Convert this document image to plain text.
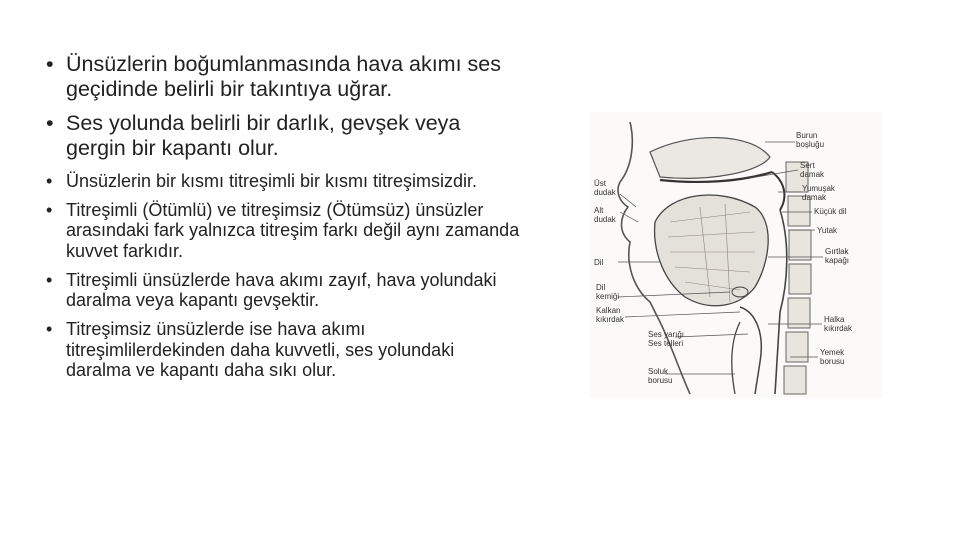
• Ünsüzlerin boğumlanmasında hava akımı ses geçidinde belirli bir takıntıya uğrar.
• Ses yolunda belirli bir darlık, gevşek veya gergin bir kapantı olur.
• Ünsüzlerin bir kısmı titreşimli bir kısmı titreşimsizdir.
• Titreşimli (Ötümlü) ve titreşimsiz (Ötümsüz) ünsüzler arasındaki fark yalnızca titreşim farkı değil aynı zamanda kuvvet farkıdır.
• Titreşimli ünsüzlerde hava akımı zayıf, hava yolundaki daralma veya kapantı gevşektir.
• Titreşimsiz ünsüzlerde ise hava akımı titreşimlilerdekinden daha kuvvetli, ses yolundaki daralma ve kapantı daha sıkı olur.
Burun
boşluğu
Sert
damak
Yumuşak
damak
Küçük dil
Yutak
Gırtlak
kapağı
Halka
kıkırdak
Yemek
borusu
Üst
dudak
Alt
dudak
Dil
Dil
kemiği
Kalkan
kıkırdak
Ses yarığı
Ses telleri
Soluk
borusu
